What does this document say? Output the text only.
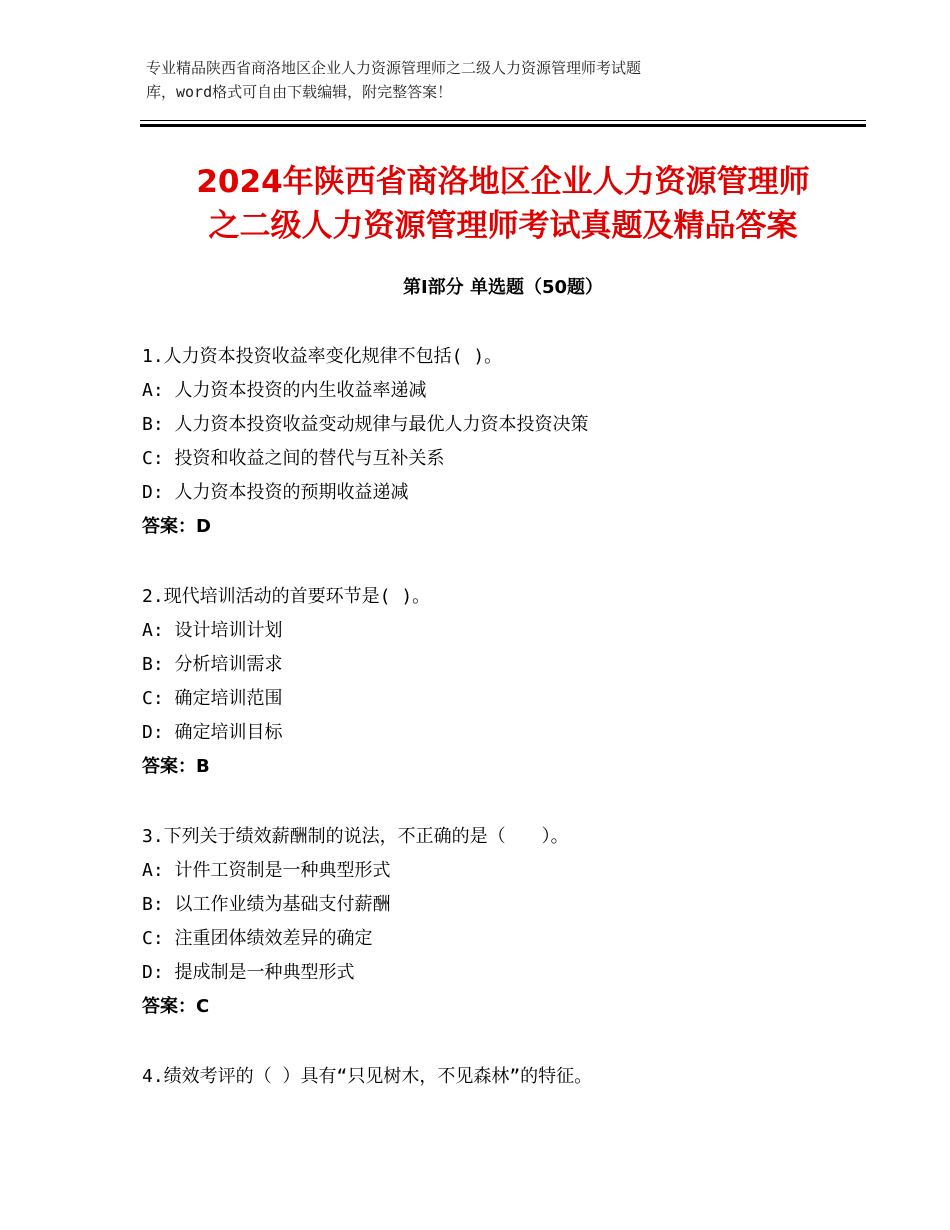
专业精品陕西省商洛地区企业人力资源管理师之二级人力资源管理师考试题
库，word格式可自由下载编辑，附完整答案！
2024年陕西省商洛地区企业人力资源管理师
之二级人力资源管理师考试真题及精品答案
第Ⅰ部分 单选题（50题）
1.人力资本投资收益率变化规律不包括( )。
A: 人力资本投资的内生收益率递减
B: 人力资本投资收益变动规律与最优人力资本投资决策
C: 投资和收益之间的替代与互补关系
D: 人力资本投资的预期收益递减
答案：D
2.现代培训活动的首要环节是( )。
A: 设计培训计划
B: 分析培训需求
C: 确定培训范围
D: 确定培训目标
答案：B
3.下列关于绩效薪酬制的说法，不正确的是（　　）。
A: 计件工资制是一种典型形式
B: 以工作业绩为基础支付薪酬
C: 注重团体绩效差异的确定
D: 提成制是一种典型形式
答案：C
4.绩效考评的（ ）具有“只见树木，不见森林”的特征。
